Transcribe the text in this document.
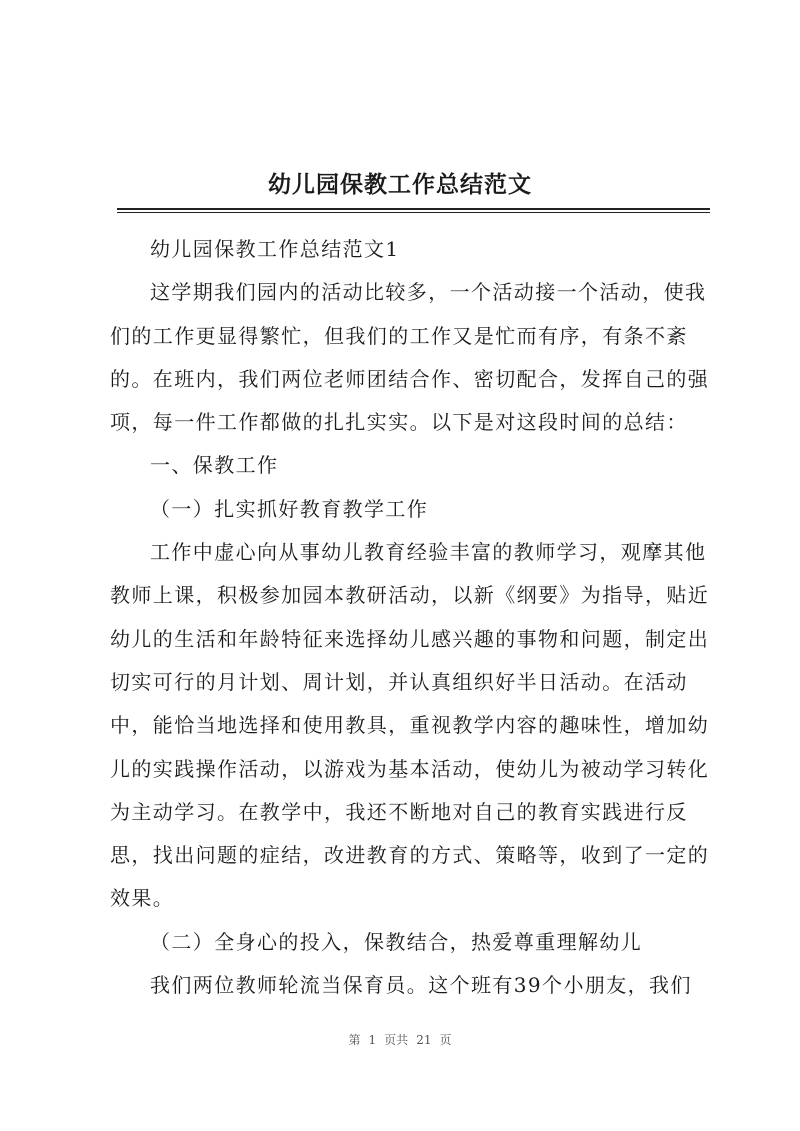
幼儿园保教工作总结范文

幼儿园保教工作总结范文1

这学期我们园内的活动比较多，一个活动接一个活动，使我们的工作更显得繁忙，但我们的工作又是忙而有序，有条不紊的。在班内，我们两位老师团结合作、密切配合，发挥自己的强项，每一件工作都做的扎扎实实。以下是对这段时间的总结：

一、保教工作

（一）扎实抓好教育教学工作

工作中虚心向从事幼儿教育经验丰富的教师学习，观摩其他教师上课，积极参加园本教研活动，以新《纲要》为指导，贴近幼儿的生活和年龄特征来选择幼儿感兴趣的事物和问题，制定出切实可行的月计划、周计划，并认真组织好半日活动。在活动中，能恰当地选择和使用教具，重视教学内容的趣味性，增加幼儿的实践操作活动，以游戏为基本活动，使幼儿为被动学习转化为主动学习。在教学中，我还不断地对自己的教育实践进行反思，找出问题的症结，改进教育的方式、策略等，收到了一定的效果。

（二）全身心的投入，保教结合，热爱尊重理解幼儿

我们两位教师轮流当保育员。这个班有39个小朋友，我们

第 1 页共 21 页
